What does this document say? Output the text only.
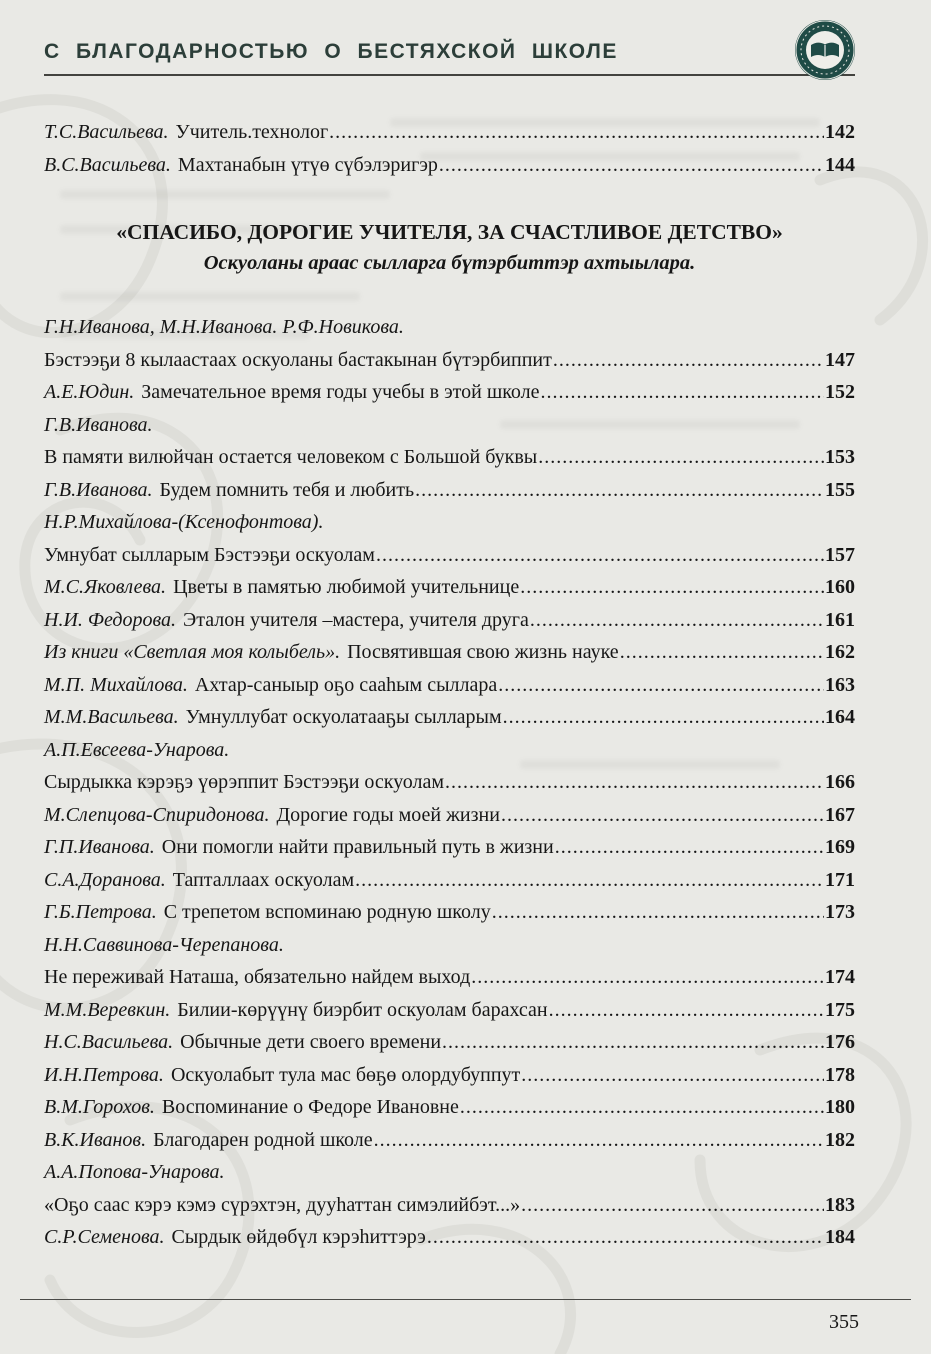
С БЛАГОДАРНОСТЬЮ О БЕСТЯХСКОЙ ШКОЛЕ
Т.С.Васильева. Учитель.технолог .....	142
В.С.Васильева. Махтанабын үтүө сүбэлэригэр .....	144
«СПАСИБО, ДОРОГИЕ УЧИТЕЛЯ, ЗА СЧАСТЛИВОЕ ДЕТСТВО»
Оскуоланы араас сылларга бүтэрбиттэр ахтыылара.
Г.Н.Иванова, М.Н.Иванова. Р.Ф.Новикова.
Бэстээҕи 8 кылаастаах оскуоланы бастакынан бүтэрбиппит .....	147
А.Е.Юдин. Замечательное время годы учебы в этой школе .....	152
Г.В.Иванова.
В памяти вилюйчан остается человеком с Большой буквы .....	153
Г.В.Иванова. Будем помнить тебя и любить .....	155
Н.Р.Михайлова-(Ксенофонтова).
Умнубат сылларым Бэстээҕи оскуолам .....	157
М.С.Яковлева. Цветы в памятью любимой учительнице .....	160
Н.И. Федорова. Эталон учителя –мастера, учителя друга .....	161
Из книги «Светлая моя колыбель». Посвятившая свою жизнь науке .....	162
М.П. Михайлова. Ахтар-саныыр оҕо сааһым сыллара .....	163
М.М.Васильева. Умнуллубат оскуолатааҕы сылларым .....	164
А.П.Евсеева-Унарова.
Сырдыкка кэрэҕэ үөрэппит Бэстээҕи оскуолам .....	166
М.Слепцова-Спиридонова. Дорогие годы моей жизни .....	167
Г.П.Иванова. Они помогли найти правильный путь в жизни .....	169
С.А.Доранова. Тапталлаах оскуолам .....	171
Г.Б.Петрова. С трепетом вспоминаю родную школу .....	173
Н.Н.Саввинова-Черепанова.
Не переживай Наташа, обязательно найдем выход .....	174
М.М.Веревкин. Билии-көрүүнү биэрбит оскуолам барахсан .....	175
Н.С.Васильева. Обычные дети своего времени .....	176
И.Н.Петрова. Оскуолабыт тула мас бөҕө олордубуппут .....	178
В.М.Горохов. Воспоминание о Федоре Ивановне .....	180
В.К.Иванов. Благодарен родной школе .....	182
А.А.Попова-Унарова.
«Оҕо саас кэрэ кэмэ сүрэхтэн, дууһаттан симэлийбэт...» .....	183
С.Р.Семенова. Сырдык өйдөбүл кэрэһиттэрэ .....	184
355
